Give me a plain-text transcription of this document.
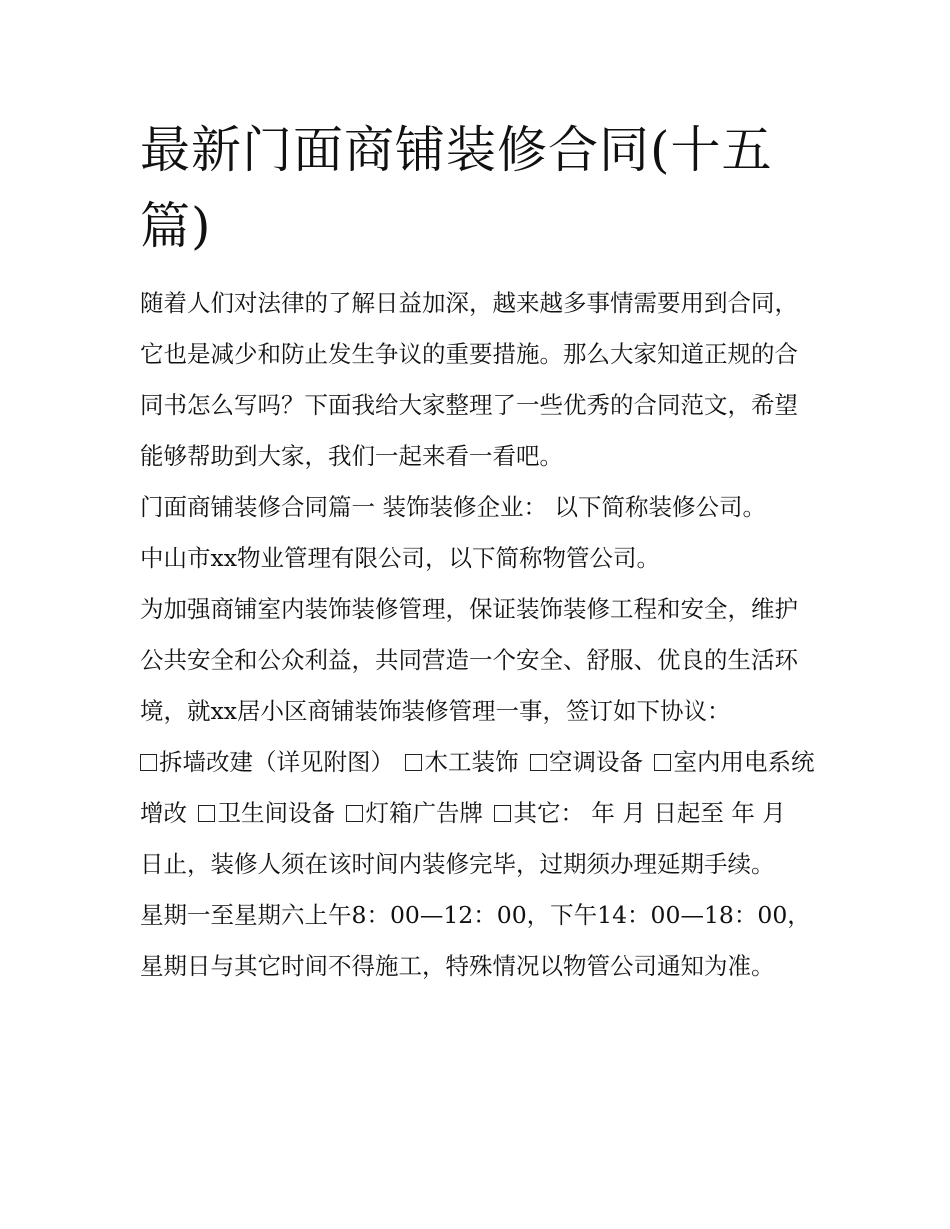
最新门面商铺装修合同(十五篇)

随着人们对法律的了解日益加深，越来越多事情需要用到合同，它也是减少和防止发生争议的重要措施。那么大家知道正规的合同书怎么写吗？下面我给大家整理了一些优秀的合同范文，希望能够帮助到大家，我们一起来看一看吧。

门面商铺装修合同篇一 装饰装修企业： 以下简称装修公司。

中山市xx物业管理有限公司，以下简称物管公司。

为加强商铺室内装饰装修管理，保证装饰装修工程和安全，维护公共安全和公众利益，共同营造一个安全、舒服、优良的生活环境，就xx居小区商铺装饰装修管理一事，签订如下协议：

拆墙改建（详见附图） 木工装饰 空调设备 室内用电系统增改 卫生间设备 灯箱广告牌 其它： 年 月 日起至 年 月

日止，装修人须在该时间内装修完毕，过期须办理延期手续。

星期一至星期六上午8：00—12：00，下午14：00—18：00，星期日与其它时间不得施工，特殊情况以物管公司通知为准。
